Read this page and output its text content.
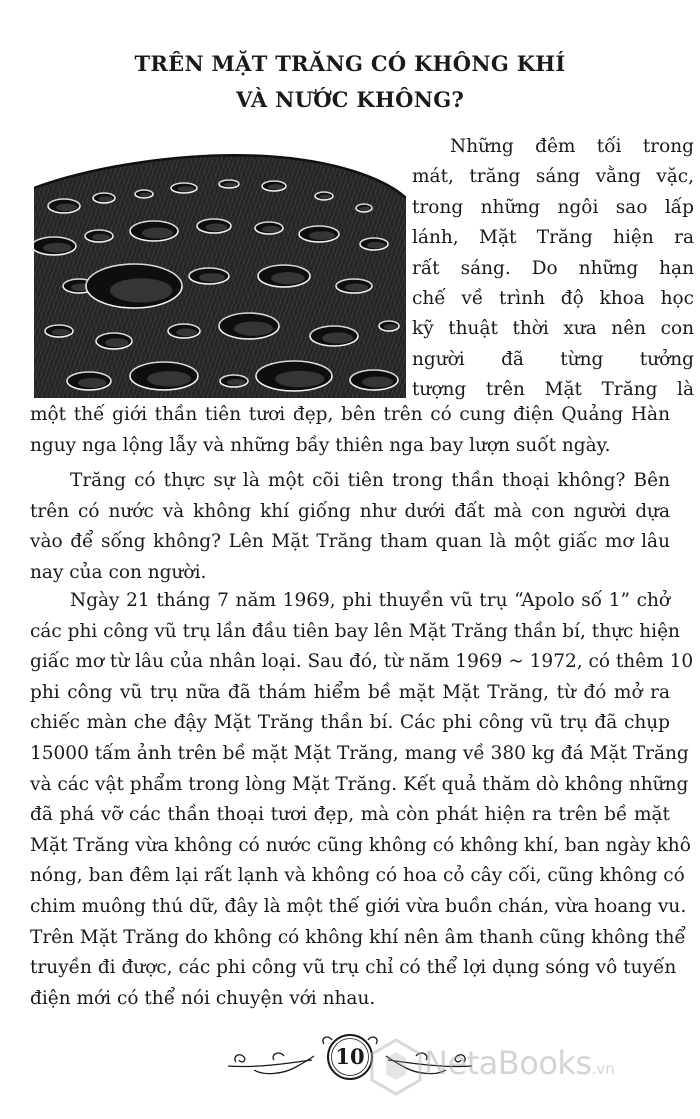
TRÊN MẶT TRĂNG CÓ KHÔNG KHÍ
VÀ NƯỚC KHÔNG?
Những đêm tối trong
mát, trăng sáng vằng vặc,
trong những ngôi sao lấp
lánh, Mặt Trăng hiện ra
rất sáng. Do những hạn
chế về trình độ khoa học
kỹ thuật thời xưa nên con
người đã từng tưởng
tượng trên Mặt Trăng là
một thế giới thần tiên tươi đẹp, bên trên có cung điện Quảng Hàn
nguy nga lộng lẫy và những bầy thiên nga bay lượn suốt ngày.
Trăng có thực sự là một cõi tiên trong thần thoại không? Bên
trên có nước và không khí giống như dưới đất mà con người dựa
vào để sống không? Lên Mặt Trăng tham quan là một giấc mơ lâu
nay của con người.
Ngày 21 tháng 7 năm 1969, phi thuyền vũ trụ “Apolo số 1” chở
các phi công vũ trụ lần đầu tiên bay lên Mặt Trăng thần bí, thực hiện
giấc mơ từ lâu của nhân loại. Sau đó, từ năm 1969 ~ 1972, có thêm 10
phi công vũ trụ nữa đã thám hiểm bề mặt Mặt Trăng, từ đó mở ra
chiếc màn che đậy Mặt Trăng thần bí. Các phi công vũ trụ đã chụp
15000 tấm ảnh trên bề mặt Mặt Trăng, mang về 380 kg đá Mặt Trăng
và các vật phẩm trong lòng Mặt Trăng. Kết quả thăm dò không những
đã phá vỡ các thần thoại tươi đẹp, mà còn phát hiện ra trên bề mặt
Mặt Trăng vừa không có nước cũng không có không khí, ban ngày khô
nóng, ban đêm lại rất lạnh và không có hoa cỏ cây cối, cũng không có
chim muông thú dữ, đây là một thế giới vừa buồn chán, vừa hoang vu.
Trên Mặt Trăng do không có không khí nên âm thanh cũng không thể
truyền đi được, các phi công vũ trụ chỉ có thể lợi dụng sóng vô tuyến
điện mới có thể nói chuyện với nhau.
10	NetaBooks.vn
